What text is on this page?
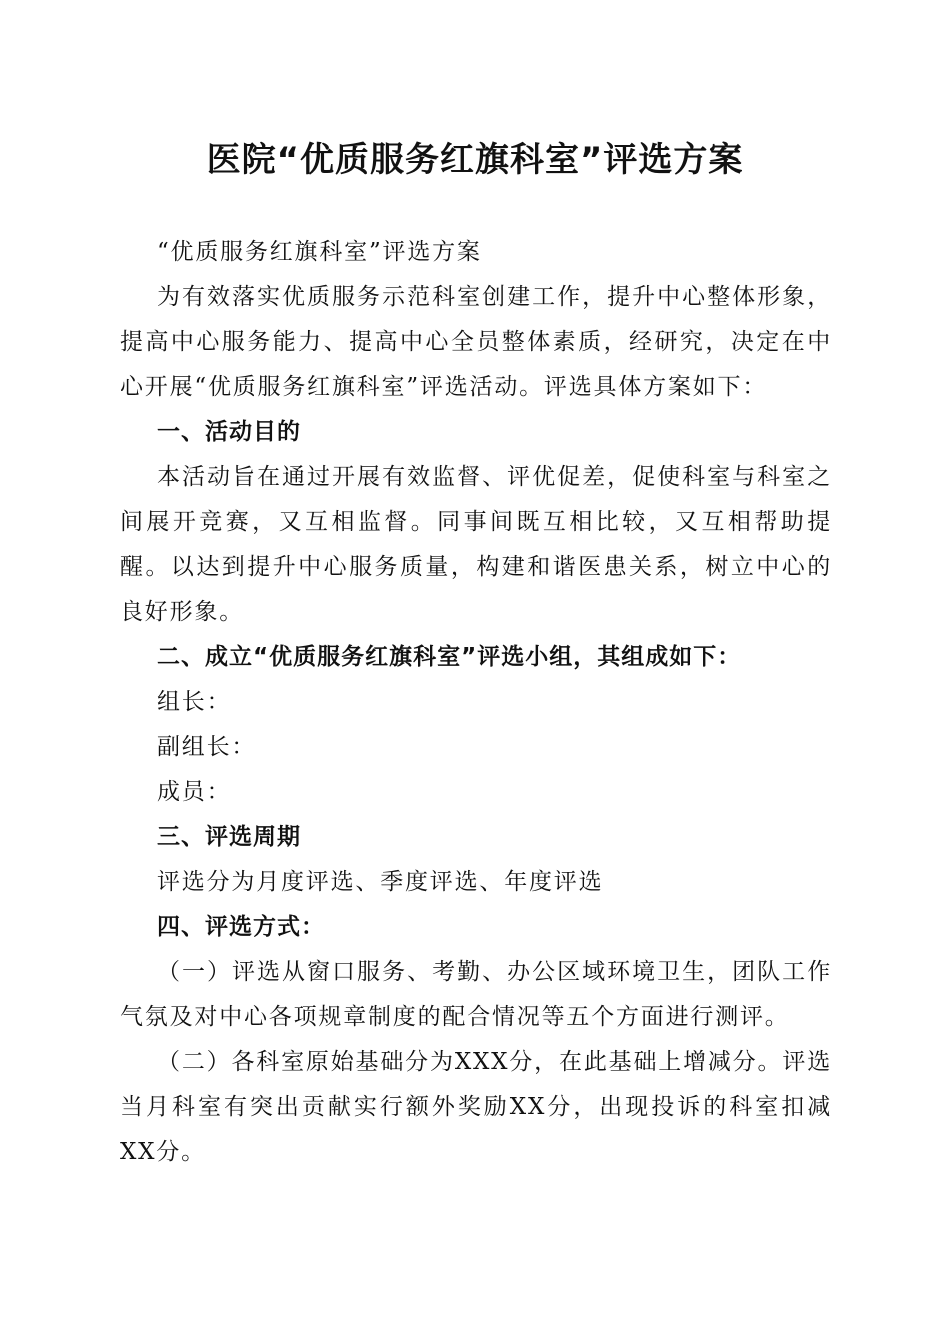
医院“优质服务红旗科室”评选方案

“优质服务红旗科室”评选方案

为有效落实优质服务示范科室创建工作，提升中心整体形象，提高中心服务能力、提高中心全员整体素质，经研究，决定在中心开展“优质服务红旗科室”评选活动。评选具体方案如下：

一、活动目的

本活动旨在通过开展有效监督、评优促差，促使科室与科室之间展开竞赛，又互相监督。同事间既互相比较，又互相帮助提醒。以达到提升中心服务质量，构建和谐医患关系，树立中心的良好形象。

二、成立“优质服务红旗科室”评选小组，其组成如下：

组长：

副组长：

成员：

三、评选周期

评选分为月度评选、季度评选、年度评选

四、评选方式：

（一）评选从窗口服务、考勤、办公区域环境卫生，团队工作气氛及对中心各项规章制度的配合情况等五个方面进行测评。

（二）各科室原始基础分为XXX分，在此基础上增减分。评选当月科室有突出贡献实行额外奖励XX分，出现投诉的科室扣减XX分。
